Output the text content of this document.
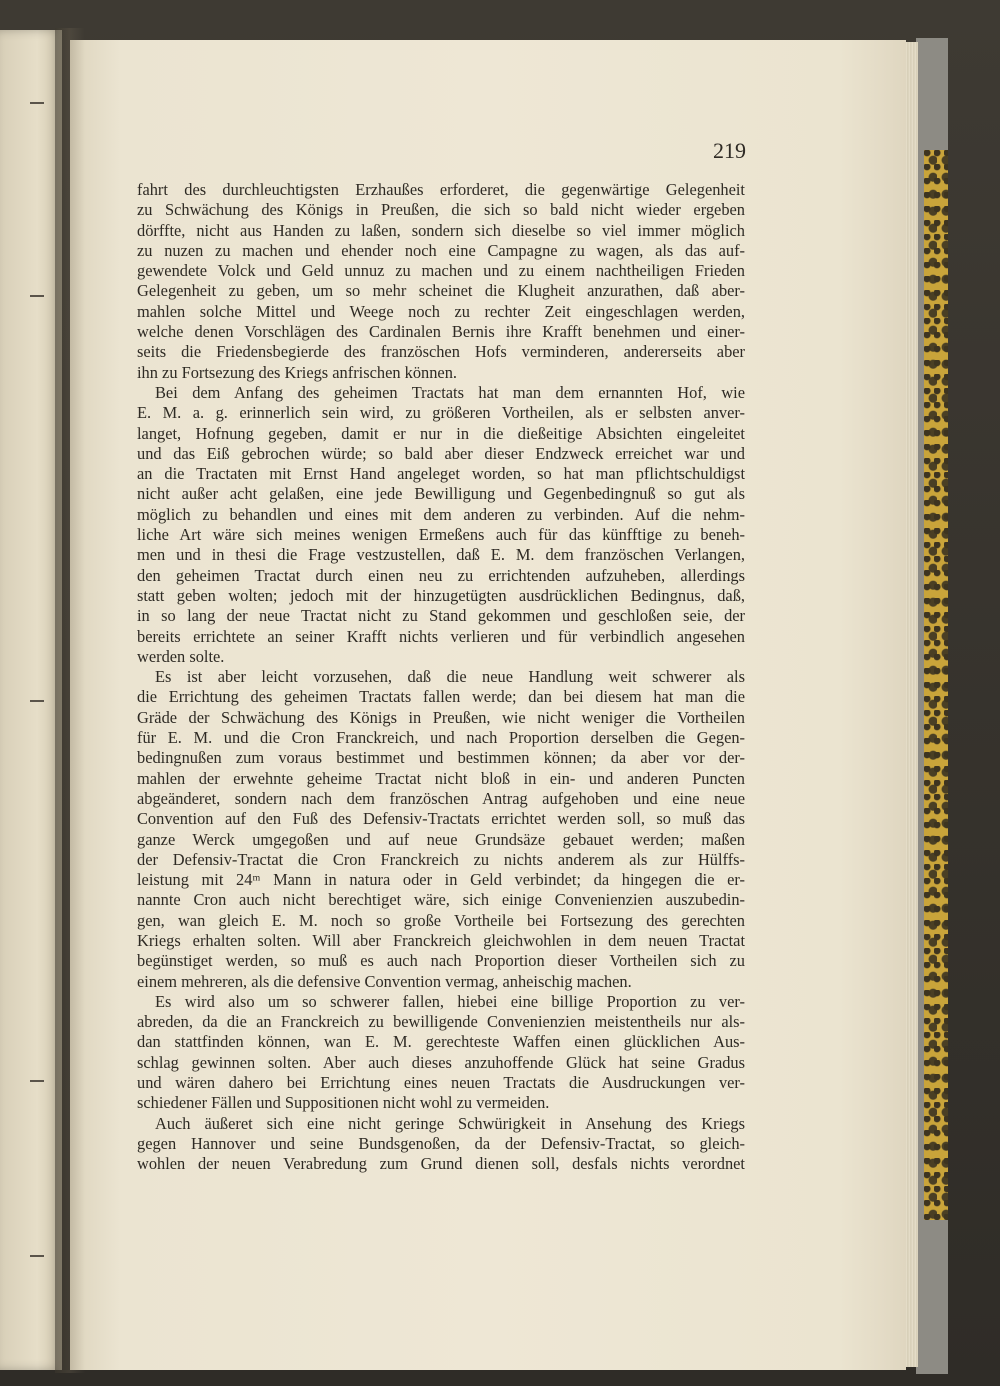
219
fahrt des durchleuchtigsten Erzhaußes erforderet, die gegenwärtige Gelegenheit
zu Schwächung des Königs in Preußen, die sich so bald nicht wieder ergeben
dörffte, nicht aus Handen zu laßen, sondern sich dieselbe so viel immer möglich
zu nuzen zu machen und ehender noch eine Campagne zu wagen, als das auf-
gewendete Volck und Geld unnuz zu machen und zu einem nachtheiligen Frieden
Gelegenheit zu geben, um so mehr scheinet die Klugheit anzurathen, daß aber-
mahlen solche Mittel und Weege noch zu rechter Zeit eingeschlagen werden,
welche denen Vorschlägen des Cardinalen Bernis ihre Krafft benehmen und einer-
seits die Friedensbegierde des französchen Hofs verminderen, andererseits aber
ihn zu Fortsezung des Kriegs anfrischen können.
Bei dem Anfang des geheimen Tractats hat man dem ernannten Hof, wie
E. M. a. g. erinnerlich sein wird, zu größeren Vortheilen, als er selbsten anver-
langet, Hofnung gegeben, damit er nur in die dießeitige Absichten eingeleitet
und das Eiß gebrochen würde; so bald aber dieser Endzweck erreichet war und
an die Tractaten mit Ernst Hand angeleget worden, so hat man pflichtschuldigst
nicht außer acht gelaßen, eine jede Bewilligung und Gegenbedingnuß so gut als
möglich zu behandlen und eines mit dem anderen zu verbinden. Auf die nehm-
liche Art wäre sich meines wenigen Ermeßens auch für das künfftige zu beneh-
men und in thesi die Frage vestzustellen, daß E. M. dem französchen Verlangen,
den geheimen Tractat durch einen neu zu errichtenden aufzuheben, allerdings
statt geben wolten; jedoch mit der hinzugetügten ausdrücklichen Bedingnus, daß,
in so lang der neue Tractat nicht zu Stand gekommen und geschloßen seie, der
bereits errichtete an seiner Krafft nichts verlieren und für verbindlich angesehen
werden solte.
Es ist aber leicht vorzusehen, daß die neue Handlung weit schwerer als
die Errichtung des geheimen Tractats fallen werde; dan bei diesem hat man die
Gräde der Schwächung des Königs in Preußen, wie nicht weniger die Vortheilen
für E. M. und die Cron Franckreich, und nach Proportion derselben die Gegen-
bedingnußen zum voraus bestimmet und bestimmen können; da aber vor der-
mahlen der erwehnte geheime Tractat nicht bloß in ein- und anderen Puncten
abgeänderet, sondern nach dem französchen Antrag aufgehoben und eine neue
Convention auf den Fuß des Defensiv-Tractats errichtet werden soll, so muß das
ganze Werck umgegoßen und auf neue Grundsäze gebauet werden; maßen
der Defensiv-Tractat die Cron Franckreich zu nichts anderem als zur Hülffs-
leistung mit 24ᵐ Mann in natura oder in Geld verbindet; da hingegen die er-
nannte Cron auch nicht berechtiget wäre, sich einige Convenienzien auszubedin-
gen, wan gleich E. M. noch so große Vortheile bei Fortsezung des gerechten
Kriegs erhalten solten. Will aber Franckreich gleichwohlen in dem neuen Tractat
begünstiget werden, so muß es auch nach Proportion dieser Vortheilen sich zu
einem mehreren, als die defensive Convention vermag, anheischig machen.
Es wird also um so schwerer fallen, hiebei eine billige Proportion zu ver-
abreden, da die an Franckreich zu bewilligende Convenienzien meistentheils nur als-
dan stattfinden können, wan E. M. gerechteste Waffen einen glücklichen Aus-
schlag gewinnen solten. Aber auch dieses anzuhoffende Glück hat seine Gradus
und wären dahero bei Errichtung eines neuen Tractats die Ausdruckungen ver-
schiedener Fällen und Suppositionen nicht wohl zu vermeiden.
Auch äußeret sich eine nicht geringe Schwürigkeit in Ansehung des Kriegs
gegen Hannover und seine Bundsgenoßen, da der Defensiv-Tractat, so gleich-
wohlen der neuen Verabredung zum Grund dienen soll, desfals nichts verordnet
